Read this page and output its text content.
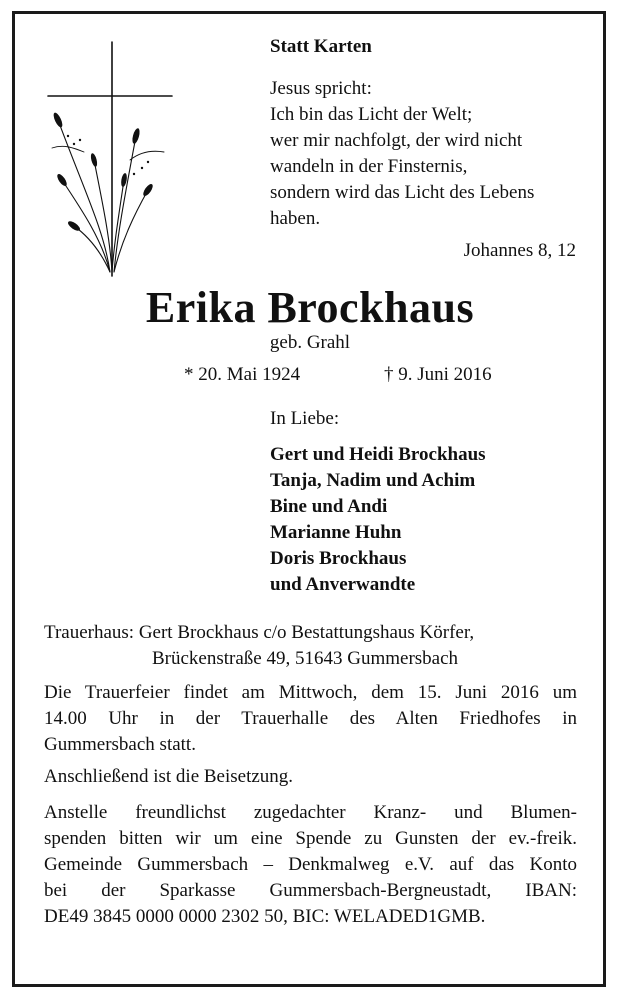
Statt Karten
Jesus spricht:
Ich bin das Licht der Welt;
wer mir nachfolgt, der wird nicht
wandeln in der Finsternis,
sondern wird das Licht des Lebens
haben.
Johannes 8, 12
Erika Brockhaus
geb. Grahl
* 20. Mai 1924	† 9. Juni 2016
In Liebe:
Gert und Heidi Brockhaus
Tanja, Nadim und Achim
Bine und Andi
Marianne Huhn
Doris Brockhaus
und Anverwandte
Trauerhaus: Gert Brockhaus c/o Bestattungshaus Körfer,
Brückenstraße 49, 51643 Gummersbach
Die Trauerfeier findet am Mittwoch, dem 15. Juni 2016 um
14.00 Uhr in der Trauerhalle des Alten Friedhofes in
Gummersbach statt.
Anschließend ist die Beisetzung.
Anstelle freundlichst zugedachter Kranz- und Blumen-
spenden bitten wir um eine Spende zu Gunsten der ev.-freik.
Gemeinde Gummersbach – Denkmalweg e.V. auf das Konto
bei der Sparkasse Gummersbach-Bergneustadt, IBAN:
DE49 3845 0000 0000 2302 50, BIC: WELADED1GMB.
